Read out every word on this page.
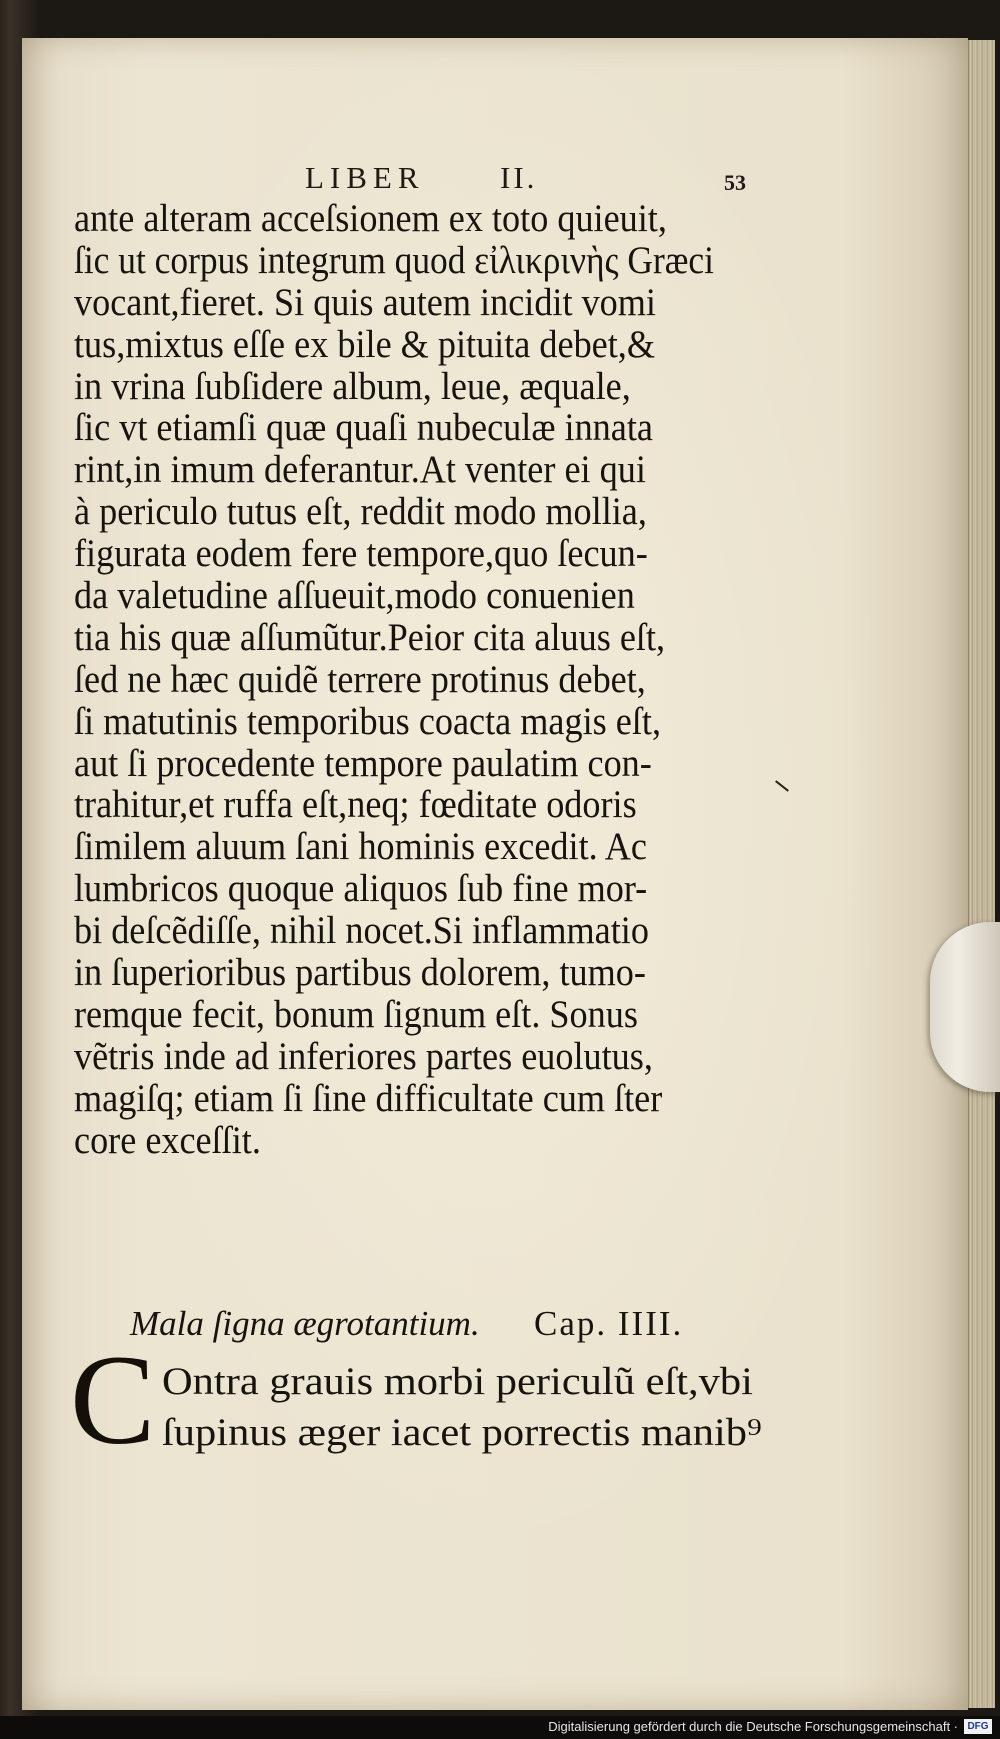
LIBER II.	53
ante alteram acceſsionem ex toto quieuit,
ſic ut corpus integrum quod εἰλικρινὴς Græci
vocant,fieret. Si quis autem incidit vomi
tus,mixtus eſſe ex bile & pituita debet,&
in vrina ſubſidere album, leue, æquale,
ſic vt etiamſi quæ quaſi nubeculæ innata
rint,in imum deferantur.At venter ei qui
à periculo tutus eſt, reddit modo mollia,
figurata eodem fere tempore,quo ſecun-
da valetudine aſſueuit,modo conuenien
tia his quæ aſſumũtur.Peior cita aluus eſt,
ſed ne hæc quidẽ terrere protinus debet,
ſi matutinis temporibus coacta magis eſt,
aut ſi procedente tempore paulatim con-
trahitur,et ruffa eſt,neq; fœditate odoris
ſimilem aluum ſani hominis excedit. Ac
lumbricos quoque aliquos ſub fine mor-
bi deſcẽdiſſe, nihil nocet.Si inflammatio
in ſuperioribus partibus dolorem, tumo-
remque fecit, bonum ſignum eſt. Sonus
vẽtris inde ad inferiores partes euolutus,
magiſq; etiam ſi ſine difficultate cum ſter
core exceſſit.
Mala ſigna ægrotantium. Cap. IIII.
C Ontra grauis morbi periculũ eſt,vbi
ſupinus æger iacet porrectis manib⁹
Digitalisierung gefördert durch die Deutsche Forschungsgemeinschaft · DFG
